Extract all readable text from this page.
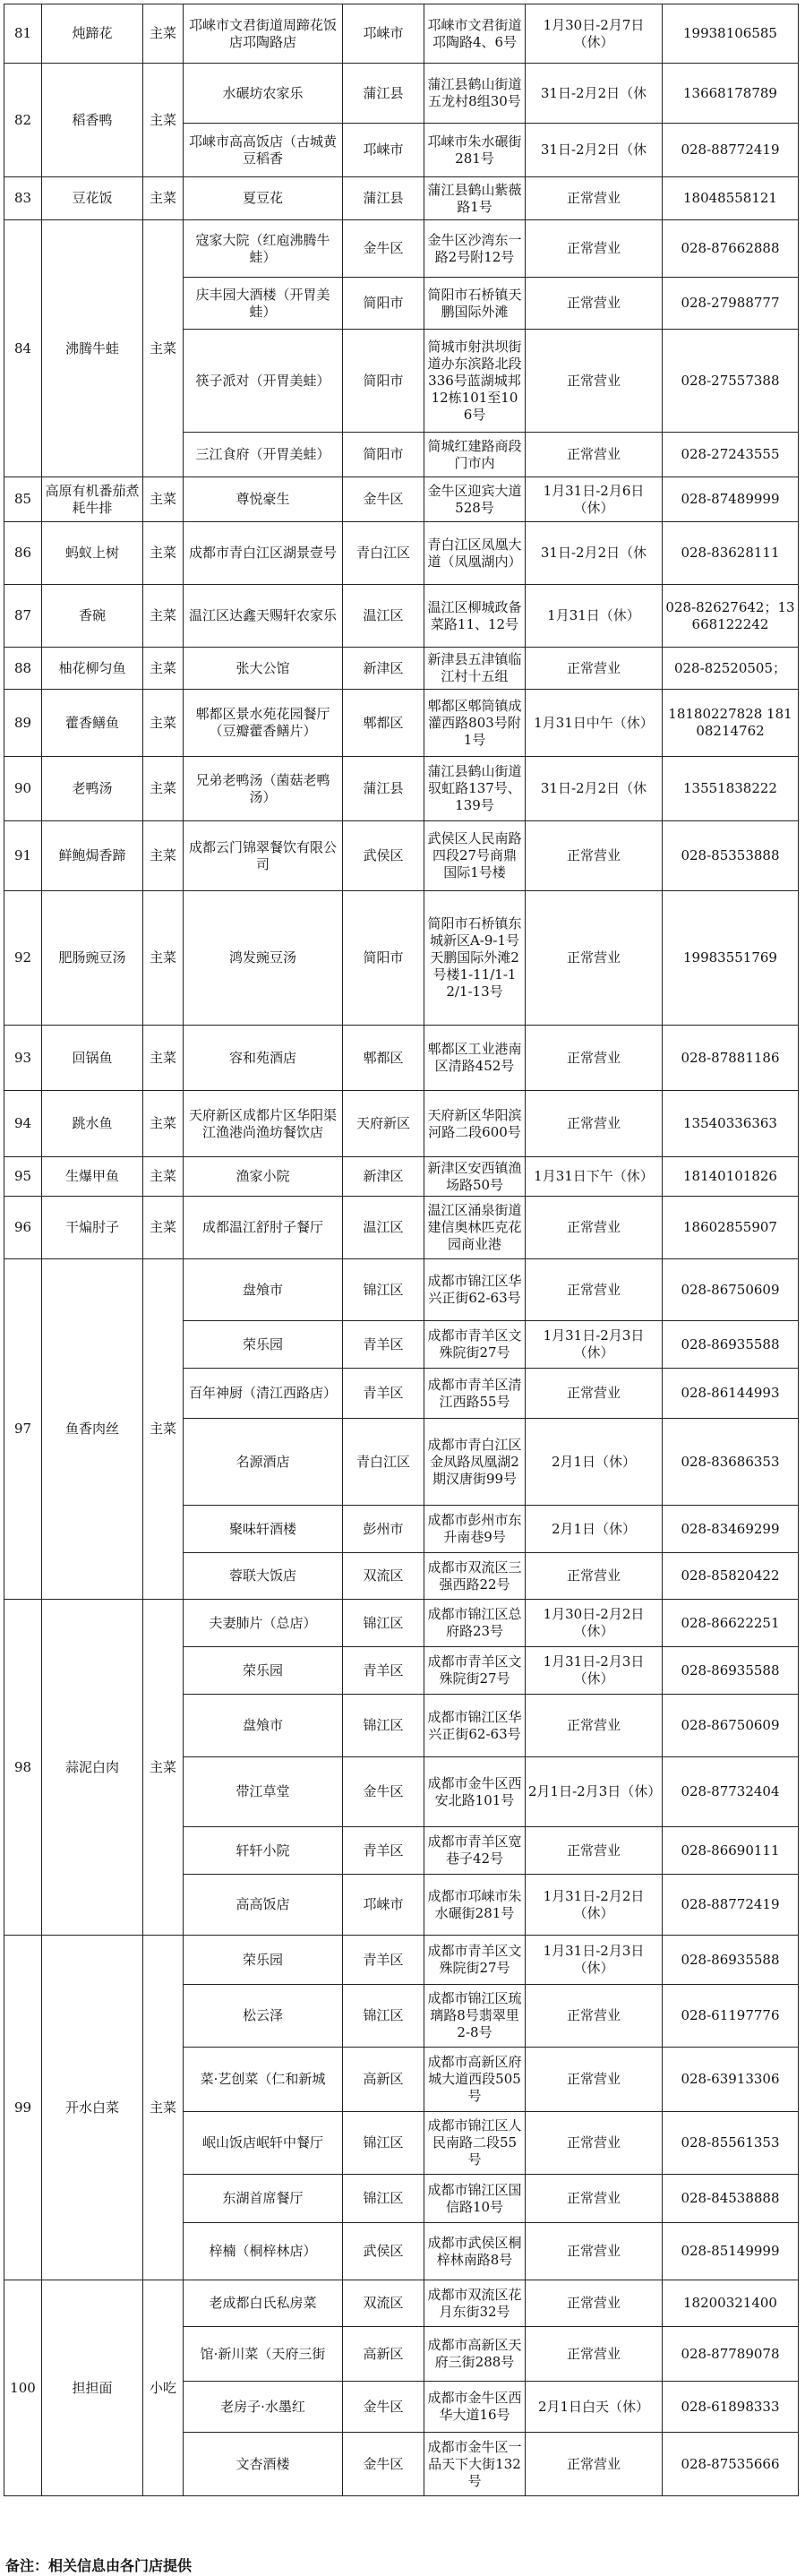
81	炖蹄花	主菜	邛崃市文君街道周蹄花饭店邛陶路店	邛崃市	邛崃市文君街道邛陶路4、6号	1月30日-2月7日（休）	19938106585
82	稻香鸭	主菜	水碾坊农家乐	蒲江县	蒲江县鹤山街道五龙村8组30号	31日-2月2日（休	13668178789
			邛崃市高高饭店（古城黄豆稻香	邛崃市	邛崃市朱水碾街281号	31日-2月2日（休	028-88772419
83	豆花饭	主菜	夏豆花	蒲江县	蒲江县鹤山紫薇路1号	正常营业	18048558121
84	沸腾牛蛙	主菜	寇家大院（红庖沸腾牛蛙）	金牛区	金牛区沙湾东一路2号附12号	正常营业	028-87662888
			庆丰园大酒楼（开胃美蛙）	简阳市	简阳市石桥镇天鹏国际外滩	正常营业	028-27988777
			筷子派对（开胃美蛙）	简阳市	简城市射洪坝街道办东滨路北段336号蓝湖城邦12栋101至106号	正常营业	028-27557388
			三江食府（开胃美蛙）	简阳市	简城红建路商段门市内	正常营业	028-27243555
85	高原有机番茄煮耗牛排	主菜	尊悦豪生	金牛区	金牛区迎宾大道528号	1月31日-2月6日（休）	028-87489999
86	蚂蚁上树	主菜	成都市青白江区湖景壹号	青白江区	青白江区凤凰大道（凤凰湖内）	31日-2月2日（休	028-83628111
87	香碗	主菜	温江区达鑫天赐轩农家乐	温江区	温江区柳城政备菜路11、12号	1月31日（休）	028-82627642；13668122242
88	柚花柳匀鱼	主菜	张大公馆	新津区	新津县五津镇临江村十五组	正常营业	028-82520505；
89	藿香鳝鱼	主菜	郫都区景水苑花园餐厅（豆瓣藿香鳝片）	郫都区	郫都区郫筒镇成灌西路803号附1号	1月31日中午（休）	18180227828 18108214762
90	老鸭汤	主菜	兄弟老鸭汤（菌菇老鸭汤）	蒲江县	蒲江县鹤山街道驭虹路137号、139号	31日-2月2日（休	13551838222
91	鲜鲍焗香蹄	主菜	成都云门锦翠餐饮有限公司	武侯区	武侯区人民南路四段27号商鼎国际1号楼	正常营业	028-85353888
92	肥肠豌豆汤	主菜	鸿发豌豆汤	简阳市	简阳市石桥镇东城新区A-9-1号天鹏国际外滩2号楼1-11/1-12/1-13号	正常营业	19983551769
93	回锅鱼	主菜	容和苑酒店	郫都区	郫都区工业港南区清路452号	正常营业	028-87881186
94	跳水鱼	主菜	天府新区成都片区华阳渠江渔港尚渔坊餐饮店	天府新区	天府新区华阳滨河路二段600号	正常营业	13540336363
95	生爆甲鱼	主菜	渔家小院	新津区	新津区安西镇渔场路50号	1月31日下午（休）	18140101826
96	干煸肘子	主菜	成都温江舒肘子餐厅	温江区	温江区涌泉街道建信奥林匹克花园商业港	正常营业	18602855907
97	鱼香肉丝	主菜	盘飧市	锦江区	成都市锦江区华兴正街62-63号	正常营业	028-86750609
			荣乐园	青羊区	成都市青羊区文殊院街27号	1月31日-2月3日（休）	028-86935588
			百年神厨（清江西路店）	青羊区	成都市青羊区清江西路55号	正常营业	028-86144993
			名源酒店	青白江区	成都市青白江区金凤路凤凰湖2期汉唐街99号	2月1日（休）	028-83686353
			聚味轩酒楼	彭州市	成都市彭州市东升南巷9号	2月1日（休）	028-83469299
			蓉联大饭店	双流区	成都市双流区三强西路22号	正常营业	028-85820422
98	蒜泥白肉	主菜	夫妻肺片（总店）	锦江区	成都市锦江区总府路23号	1月30日-2月2日（休）	028-86622251
			荣乐园	青羊区	成都市青羊区文殊院街27号	1月31日-2月3日（休）	028-86935588
			盘飧市	锦江区	成都市锦江区华兴正街62-63号	正常营业	028-86750609
			带江草堂	金牛区	成都市金牛区西安北路101号	2月1日-2月3日（休）	028-87732404
			轩轩小院	青羊区	成都市青羊区宽巷子42号	正常营业	028-86690111
			高高饭店	邛崃市	成都市邛崃市朱水碾街281号	1月31日-2月2日（休）	028-88772419
99	开水白菜	主菜	荣乐园	青羊区	成都市青羊区文殊院街27号	1月31日-2月3日（休）	028-86935588
			松云泽	锦江区	成都市锦江区琉璃路8号翡翠里2-8号	正常营业	028-61197776
			菜·艺创菜（仁和新城	高新区	成都市高新区府城大道西段505号	正常营业	028-63913306
			岷山饭店岷轩中餐厅	锦江区	成都市锦江区人民南路二段55号	正常营业	028-85561353
			东湖首席餐厅	锦江区	成都市锦江区国信路10号	正常营业	028-84538888
			梓楠（桐梓林店）	武侯区	成都市武侯区桐梓林南路8号	正常营业	028-85149999
100	担担面	小吃	老成都白氏私房菜	双流区	成都市双流区花月东街32号	正常营业	18200321400
			馆·新川菜（天府三街	高新区	成都市高新区天府三街288号	正常营业	028-87789078
			老房子·水墨红	金牛区	成都市金牛区西华大道16号	2月1日白天（休）	028-61898333
			文杏酒楼	金牛区	成都市金牛区一品天下大街132号	正常营业	028-87535666
备注：相关信息由各门店提供
